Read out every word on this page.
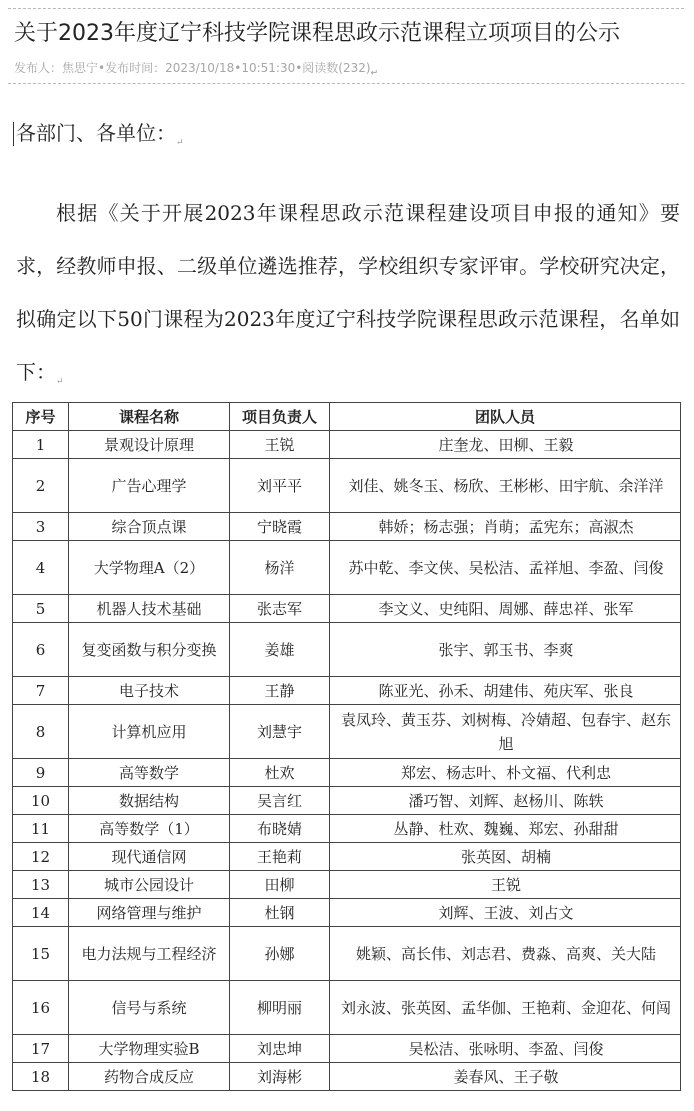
关于2023年度辽宁科技学院课程思政示范课程立项项目的公示
发布人：焦思宁•发布时间：2023/10/18•10:51:30•阅读数$(232)_↵$
各部门、各单位：$_↵$
根据《关于开展2023年课程思政示范课程建设项目申报的通知》要求，经教师申报、二级单位遴选推荐，学校组织专家评审。学校研究决定，拟确定以下50门课程为2023年度辽宁科技学院课程思政示范课程，名单如下：$_↵$
序号	课程名称	项目负责人	团队人员
1	景观设计原理	王锐	庄奎龙、田柳、王毅
2	广告心理学	刘平平	刘佳、姚冬玉、杨欣、王彬彬、田宇航、余洋洋
3	综合顶点课	宁晓霞	韩娇；杨志强；肖萌；孟宪东；高淑杰
4	大学物理A（2）	杨洋	苏中乾、李文侠、吴松洁、孟祥旭、李盈、闫俊
5	机器人技术基础	张志军	李文义、史纯阳、周娜、薛忠祥、张军
6	复变函数与积分变换	姜雄	张宇、郭玉书、李爽
7	电子技术	王静	陈亚光、孙禾、胡建伟、苑庆军、张良
8	计算机应用	刘慧宇	袁凤玲、黄玉芬、刘树梅、冷婧超、包春宇、赵东旭
9	高等数学	杜欢	郑宏、杨志叶、朴文福、代利忠
10	数据结构	吴言红	潘巧智、刘辉、赵杨川、陈轶
11	高等数学（1）	布晓婧	丛静、杜欢、魏巍、郑宏、孙甜甜
12	现代通信网	王艳莉	张英囡、胡楠
13	城市公园设计	田柳	王锐
14	网络管理与维护	杜钢	刘辉、王波、刘占文
15	电力法规与工程经济	孙娜	姚颖、高长伟、刘志君、费淼、高爽、关大陆
16	信号与系统	柳明丽	刘永波、张英囡、孟华伽、王艳莉、金迎花、何闯
17	大学物理实验B	刘忠坤	吴松洁、张咏明、李盈、闫俊
18	药物合成反应	刘海彬	姜春风、王子敬
